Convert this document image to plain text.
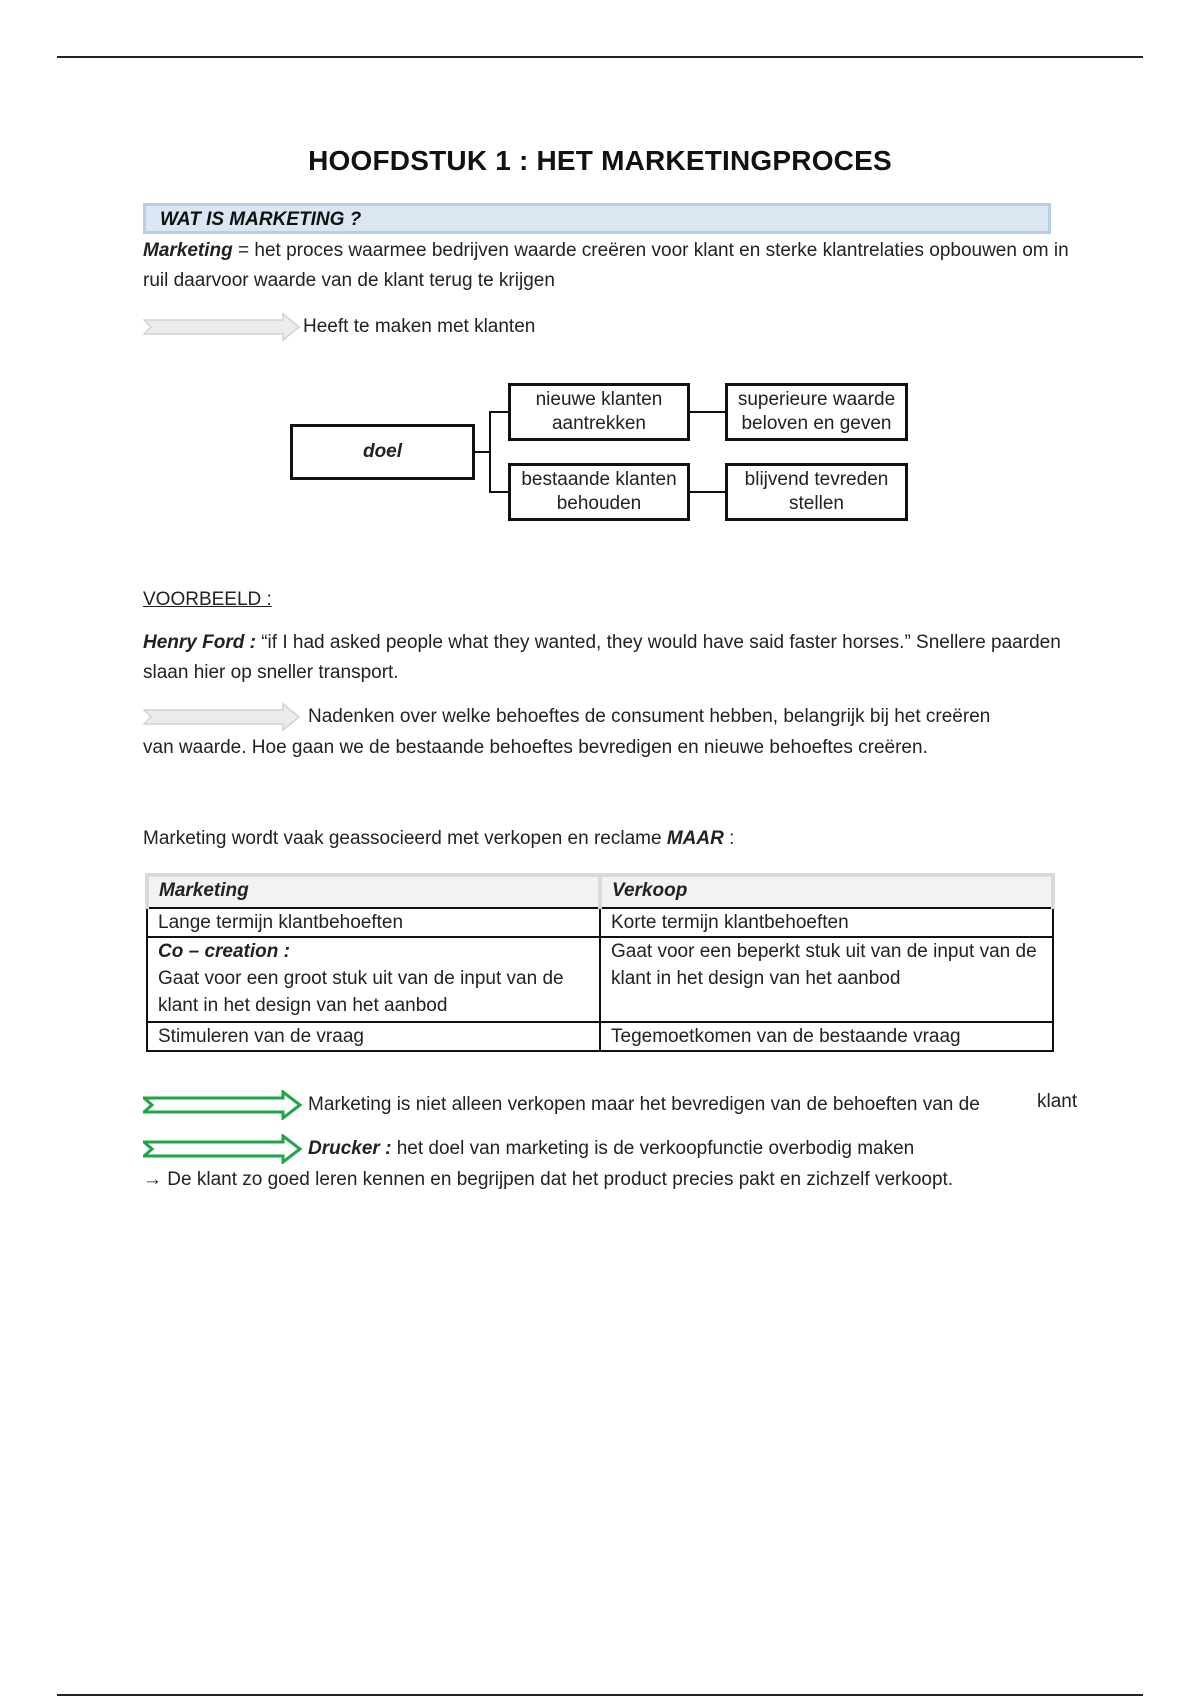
HOOFDSTUK 1 : HET MARKETINGPROCES
WAT IS MARKETING ?
Marketing = het proces waarmee bedrijven waarde creëren voor klant en sterke klantrelaties opbouwen om in ruil daarvoor waarde van de klant terug te krijgen
Heeft te maken met klanten
doel
nieuwe klanten aantrekken
bestaande klanten behouden
superieure waarde beloven en geven
blijvend tevreden stellen
VOORBEELD :
Henry Ford : “if I had asked people what they wanted, they would have said faster horses.” Snellere paarden slaan hier op sneller transport.
Nadenken over welke behoeftes de consument hebben, belangrijk bij het creëren
van waarde. Hoe gaan we de bestaande behoeftes bevredigen en nieuwe behoeftes creëren.
Marketing wordt vaak geassocieerd met verkopen en reclame MAAR :
Marketing	Verkoop
Lange termijn klantbehoeften	Korte termijn klantbehoeften

Co – creation :
Gaat voor een groot stuk uit van de input van de klant in het design van het aanbod	Gaat voor een beperkt stuk uit van de input van de klant in het design van het aanbod
Stimuleren van de vraag	Tegemoetkomen van de bestaande vraag
Marketing is niet alleen verkopen maar het bevredigen van de behoeften van de	klant
Drucker : het doel van marketing is de verkoopfunctie overbodig maken
→ De klant zo goed leren kennen en begrijpen dat het product precies pakt en zichzelf verkoopt.
